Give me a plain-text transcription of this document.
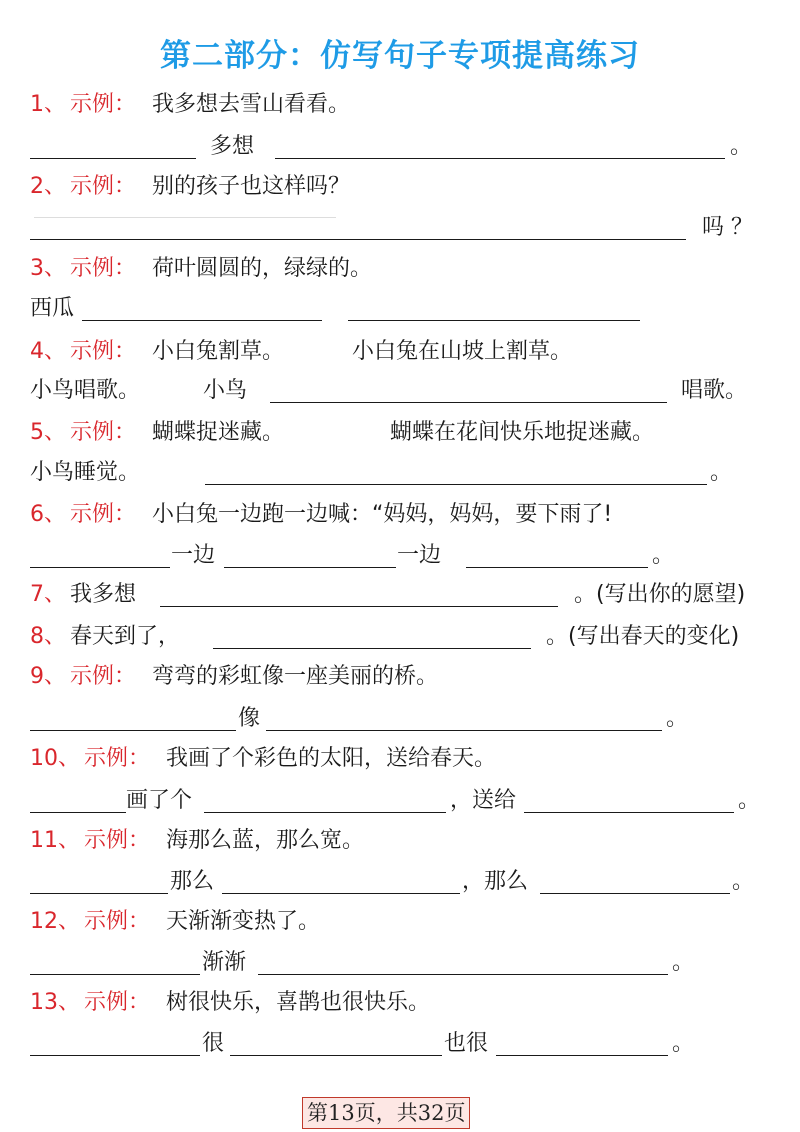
第二部分：仿写句子专项提高练习
1、 示例： 我多想去雪山看看。
多想	。
2、 示例： 别的孩子也这样吗？
吗 ？
3、 示例： 荷叶圆圆的，绿绿的。
西瓜
4、 示例： 小白兔割草。	小白兔在山坡上割草。
小鸟唱歌。	小鸟	唱歌。
5、 示例： 蝴蝶捉迷藏。	蝴蝶在花间快乐地捉迷藏。
小鸟睡觉。	。
6、 示例： 小白兔一边跑一边喊：“妈妈，妈妈，要下雨了!
一边	一边	。
7、 我多想	。(写出你的愿望)
8、 春天到了，	。(写出春天的变化)
9、 示例： 弯弯的彩虹像一座美丽的桥。
像	。
10、 示例： 我画了个彩色的太阳，送给春天。
画了个	，送给	。
11、 示例： 海那么蓝，那么宽。
那么	，那么	。
12、 示例： 天渐渐变热了。
渐渐	。
13、 示例： 树很快乐，喜鹊也很快乐。
很	也很	。
第13页，共32页
